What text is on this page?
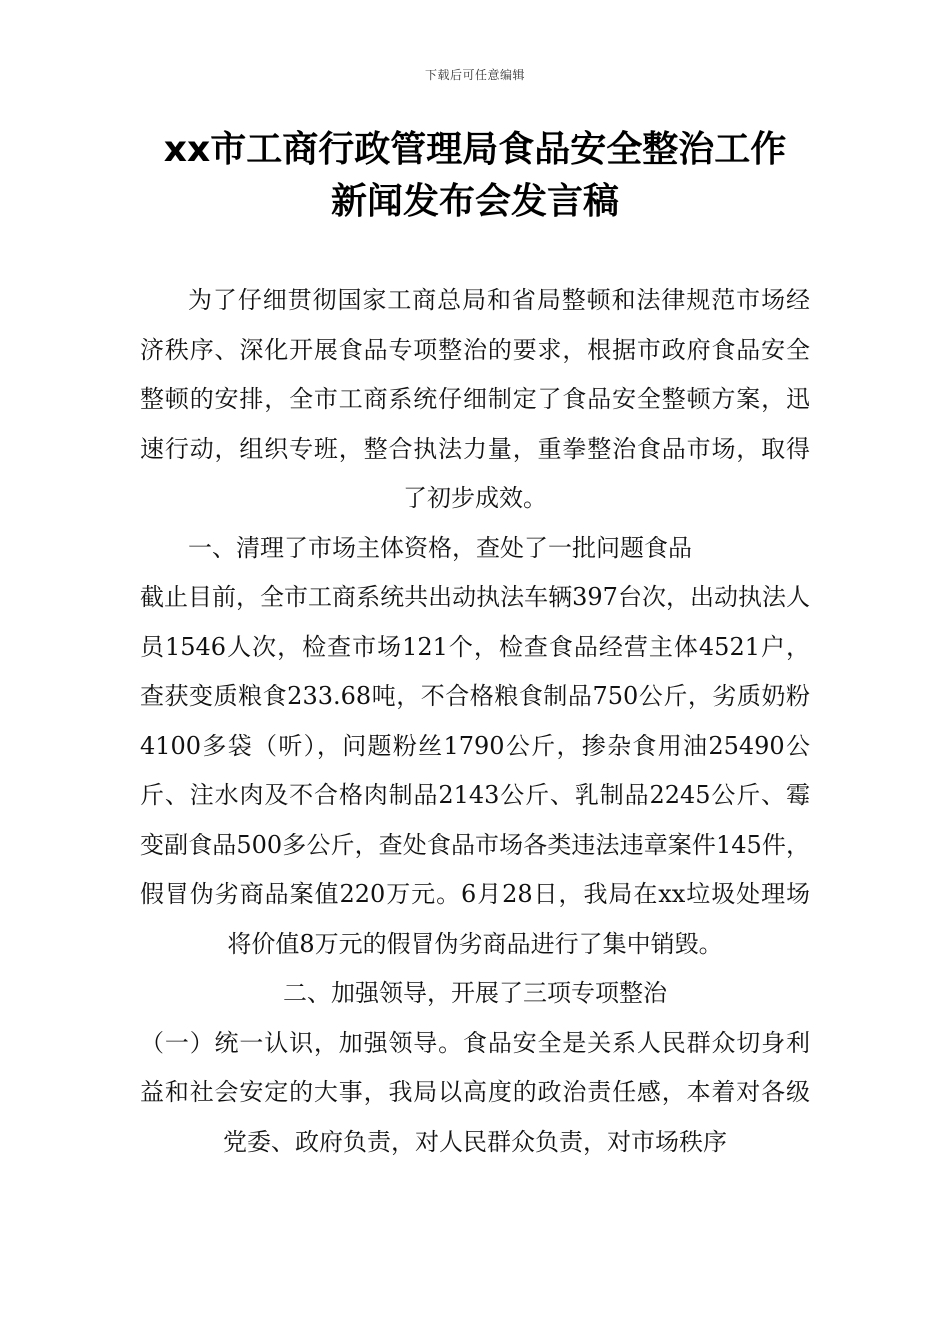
下载后可任意编辑
xx市工商行政管理局食品安全整治工作
新闻发布会发言稿

为了仔细贯彻国家工商总局和省局整顿和法律规范市场经济秩序、深化开展食品专项整治的要求，根据市政府食品安全整顿的安排，全市工商系统仔细制定了食品安全整顿方案，迅速行动，组织专班，整合执法力量，重拳整治食品市场，取得了初步成效。

一、清理了市场主体资格，查处了一批问题食品

截止目前，全市工商系统共出动执法车辆397台次，出动执法人员1546人次，检查市场121个，检查食品经营主体4521户，查获变质粮食233.68吨，不合格粮食制品750公斤，劣质奶粉4100多袋（听），问题粉丝1790公斤，掺杂食用油25490公斤、注水肉及不合格肉制品2143公斤、乳制品2245公斤、霉变副食品500多公斤，查处食品市场各类违法违章案件145件，假冒伪劣商品案值220万元。6月28日，我局在xx垃圾处理场将价值8万元的假冒伪劣商品进行了集中销毁。

二、加强领导，开展了三项专项整治

（一）统一认识，加强领导。食品安全是关系人民群众切身利益和社会安定的大事，我局以高度的政治责任感，本着对各级党委、政府负责，对人民群众负责，对市场秩序
